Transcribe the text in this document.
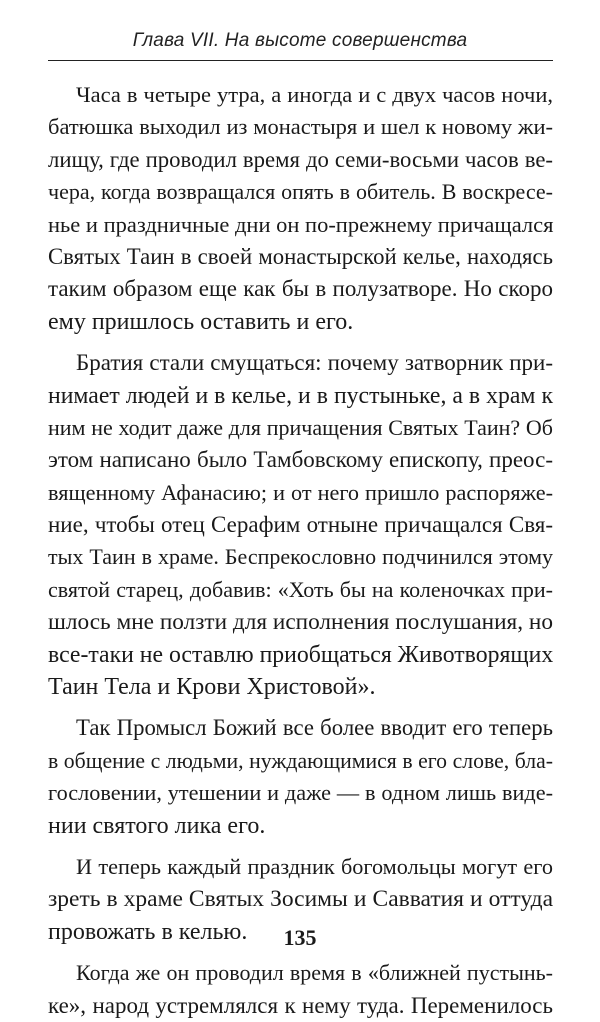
Глава VII. На высоте совершенства
Часа в четыре утра, а иногда и с двух часов ночи,
батюшка выходил из монастыря и шел к новому жи-
лищу, где проводил время до семи-восьми часов ве-
чера, когда возвращался опять в обитель. В воскресе-
нье и праздничные дни он по-прежнему причащался
Святых Таин в своей монастырской келье, находясь
таким образом еще как бы в полузатворе. Но скоро
ему пришлось оставить и его.
Братия стали смущаться: почему затворник при-
нимает людей и в келье, и в пустыньке, а в храм к
ним не ходит даже для причащения Святых Таин? Об
этом написано было Тамбовскому епископу, преос-
вященному Афанасию; и от него пришло распоряже-
ние, чтобы отец Серафим отныне причащался Свя-
тых Таин в храме. Беспрекословно подчинился этому
святой старец, добавив: «Хоть бы на коленочках при-
шлось мне ползти для исполнения послушания, но
все-таки не оставлю приобщаться Животворящих
Таин Тела и Крови Христовой».
Так Промысл Божий все более вводит его теперь
в общение с людьми, нуждающимися в его слове, бла-
гословении, утешении и даже — в одном лишь виде-
нии святого лика его.
И теперь каждый праздник богомольцы могут его
зреть в храме Святых Зосимы и Савватия и оттуда
провожать в келью.
Когда же он проводил время в «ближней пустынь-
ке», народ устремлялся к нему туда. Переменилось
135
